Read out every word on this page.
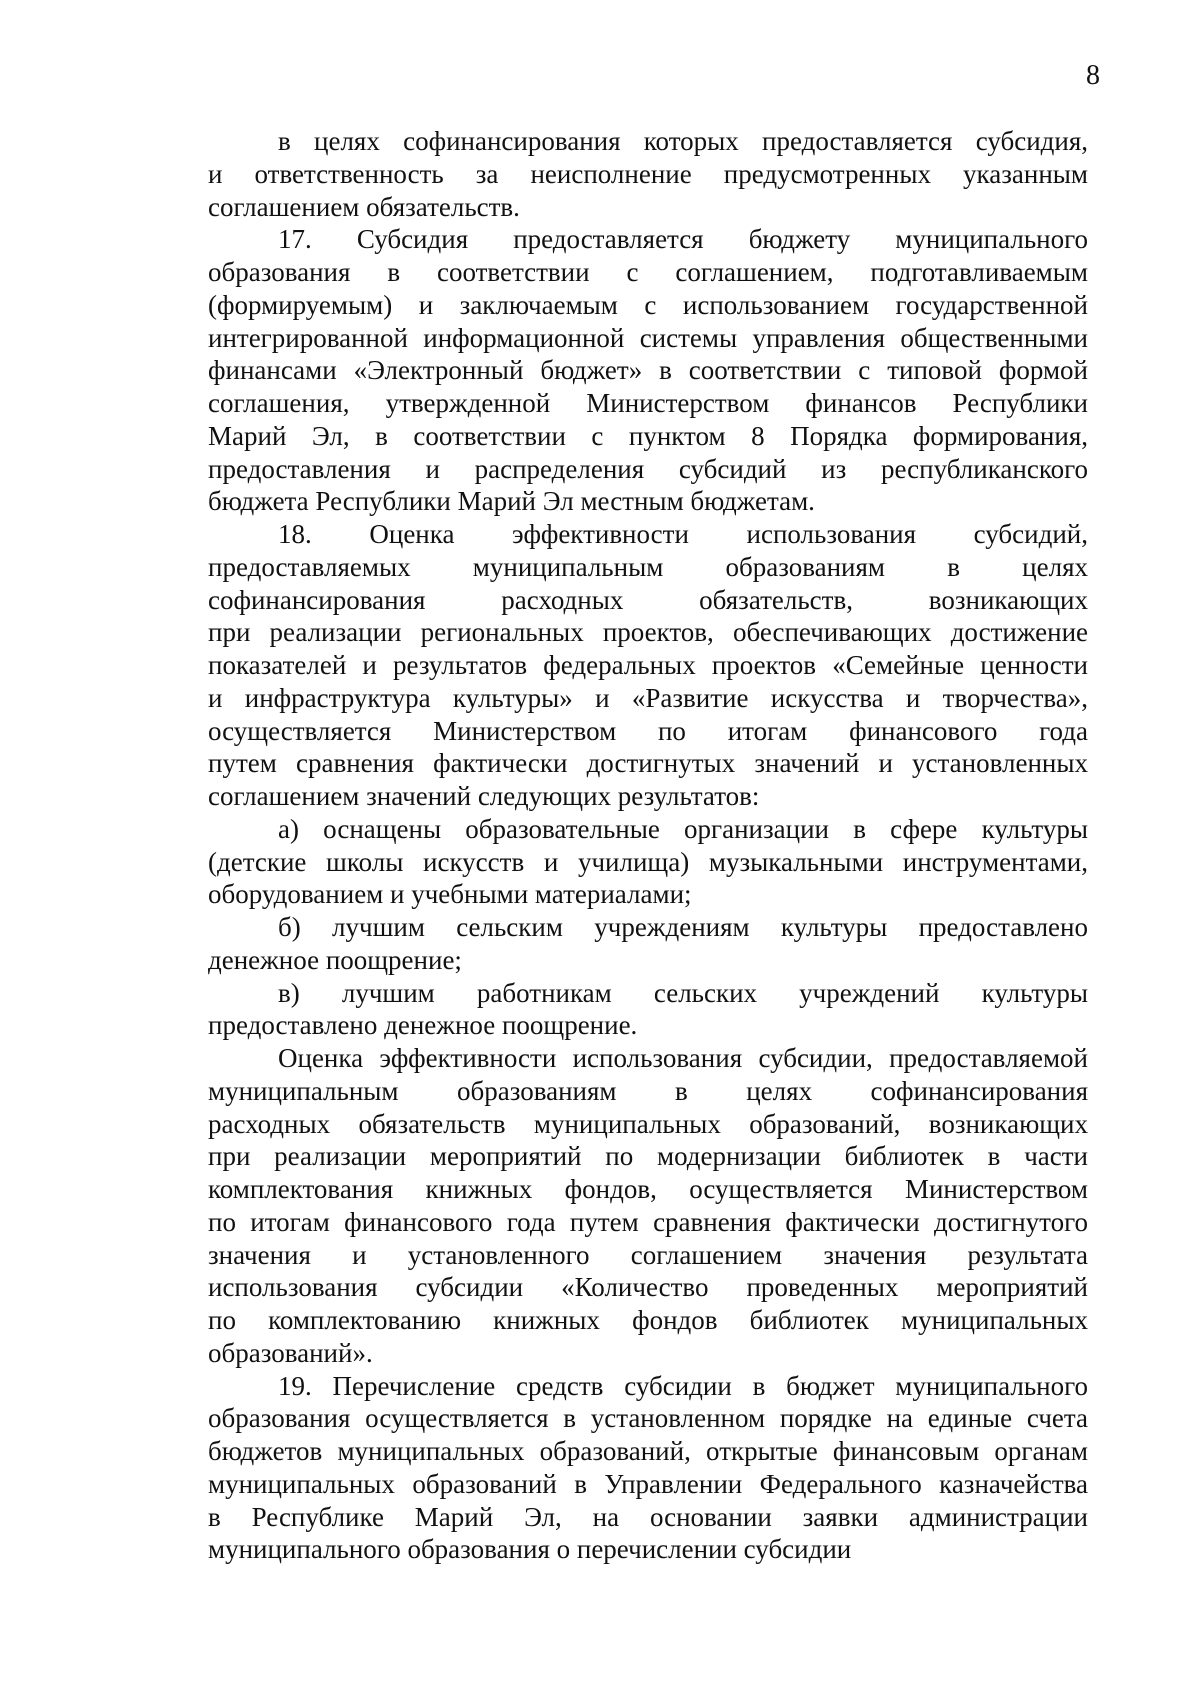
8
в целях софинансирования которых предоставляется субсидия,
и ответственность за неисполнение предусмотренных указанным
соглашением обязательств.
17. Субсидия предоставляется бюджету муниципального
образования в соответствии с соглашением, подготавливаемым
(формируемым) и заключаемым с использованием государственной
интегрированной информационной системы управления общественными
финансами «Электронный бюджет» в соответствии с типовой формой
соглашения, утвержденной Министерством финансов Республики
Марий Эл, в соответствии с пунктом 8 Порядка формирования,
предоставления и распределения субсидий из республиканского
бюджета Республики Марий Эл местным бюджетам.
18. Оценка эффективности использования субсидий,
предоставляемых муниципальным образованиям в целях
софинансирования расходных обязательств, возникающих
при реализации региональных проектов, обеспечивающих достижение
показателей и результатов федеральных проектов «Семейные ценности
и инфраструктура культуры» и «Развитие искусства и творчества»,
осуществляется Министерством по итогам финансового года
путем сравнения фактически достигнутых значений и установленных
соглашением значений следующих результатов:
а) оснащены образовательные организации в сфере культуры
(детские школы искусств и училища) музыкальными инструментами,
оборудованием и учебными материалами;
б) лучшим сельским учреждениям культуры предоставлено
денежное поощрение;
в) лучшим работникам сельских учреждений культуры
предоставлено денежное поощрение.
Оценка эффективности использования субсидии, предоставляемой
муниципальным образованиям в целях софинансирования
расходных обязательств муниципальных образований, возникающих
при реализации мероприятий по модернизации библиотек в части
комплектования книжных фондов, осуществляется Министерством
по итогам финансового года путем сравнения фактически достигнутого
значения и установленного соглашением значения результата
использования субсидии «Количество проведенных мероприятий
по комплектованию книжных фондов библиотек муниципальных
образований».
19. Перечисление средств субсидии в бюджет муниципального
образования осуществляется в установленном порядке на единые счета
бюджетов муниципальных образований, открытые финансовым органам
муниципальных образований в Управлении Федерального казначейства
в Республике Марий Эл, на основании заявки администрации
муниципального образования о перечислении субсидии
